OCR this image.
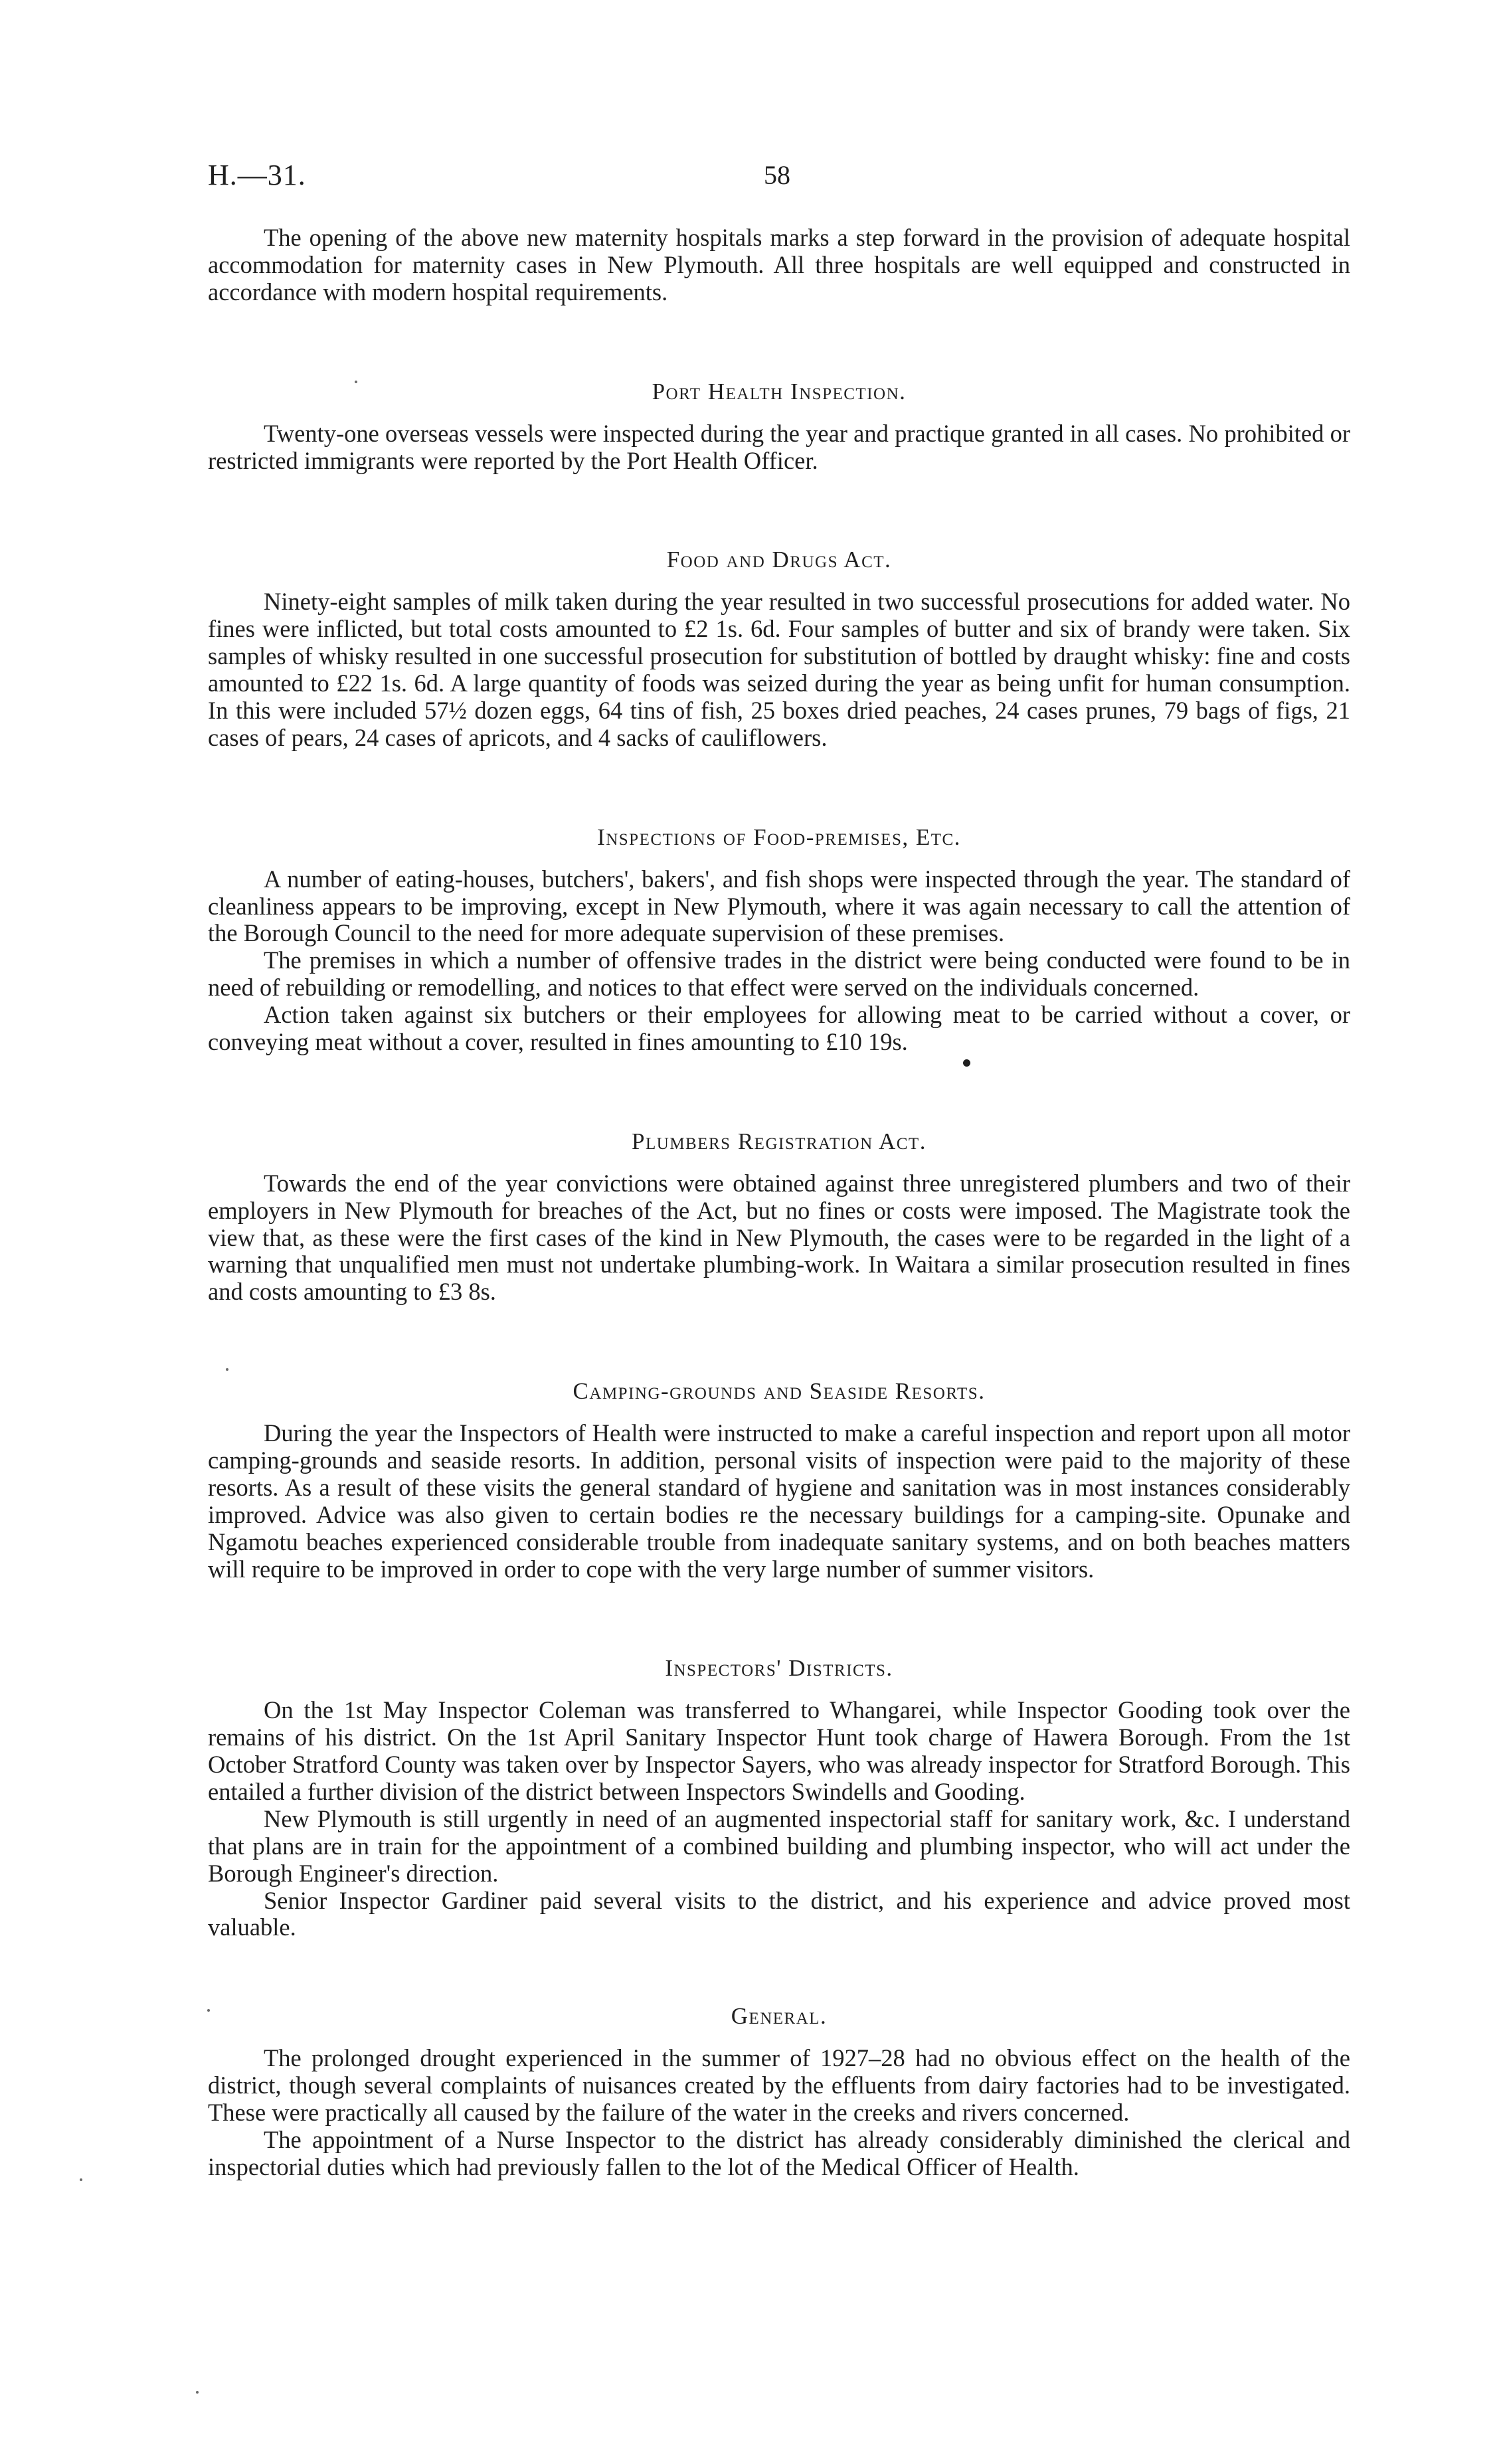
H.—31.	58

The opening of the above new maternity hospitals marks a step forward in the provision of adequate hospital accommodation for maternity cases in New Plymouth. All three hospitals are well equipped and constructed in accordance with modern hospital requirements.

Port Health Inspection.

Twenty-one overseas vessels were inspected during the year and practique granted in all cases. No prohibited or restricted immigrants were reported by the Port Health Officer.

Food and Drugs Act.

Ninety-eight samples of milk taken during the year resulted in two successful prosecutions for added water. No fines were inflicted, but total costs amounted to £2 1s. 6d. Four samples of butter and six of brandy were taken. Six samples of whisky resulted in one successful prosecution for substitution of bottled by draught whisky: fine and costs amounted to £22 1s. 6d. A large quantity of foods was seized during the year as being unfit for human consumption. In this were included 57½ dozen eggs, 64 tins of fish, 25 boxes dried peaches, 24 cases prunes, 79 bags of figs, 21 cases of pears, 24 cases of apricots, and 4 sacks of cauliflowers.

Inspections of Food-premises, Etc.

A number of eating-houses, butchers', bakers', and fish shops were inspected through the year. The standard of cleanliness appears to be improving, except in New Plymouth, where it was again necessary to call the attention of the Borough Council to the need for more adequate supervision of these premises.

The premises in which a number of offensive trades in the district were being conducted were found to be in need of rebuilding or remodelling, and notices to that effect were served on the individuals concerned.

Action taken against six butchers or their employees for allowing meat to be carried without a cover, or conveying meat without a cover, resulted in fines amounting to £10 19s.

Plumbers Registration Act.

Towards the end of the year convictions were obtained against three unregistered plumbers and two of their employers in New Plymouth for breaches of the Act, but no fines or costs were imposed. The Magistrate took the view that, as these were the first cases of the kind in New Plymouth, the cases were to be regarded in the light of a warning that unqualified men must not undertake plumbing-work. In Waitara a similar prosecution resulted in fines and costs amounting to £3 8s.

Camping-grounds and Seaside Resorts.

During the year the Inspectors of Health were instructed to make a careful inspection and report upon all motor camping-grounds and seaside resorts. In addition, personal visits of inspection were paid to the majority of these resorts. As a result of these visits the general standard of hygiene and sanitation was in most instances considerably improved. Advice was also given to certain bodies re the necessary buildings for a camping-site. Opunake and Ngamotu beaches experienced considerable trouble from inadequate sanitary systems, and on both beaches matters will require to be improved in order to cope with the very large number of summer visitors.

Inspectors' Districts.

On the 1st May Inspector Coleman was transferred to Whangarei, while Inspector Gooding took over the remains of his district. On the 1st April Sanitary Inspector Hunt took charge of Hawera Borough. From the 1st October Stratford County was taken over by Inspector Sayers, who was already inspector for Stratford Borough. This entailed a further division of the district between Inspectors Swindells and Gooding.

New Plymouth is still urgently in need of an augmented inspectorial staff for sanitary work, &c. I understand that plans are in train for the appointment of a combined building and plumbing inspector, who will act under the Borough Engineer's direction.

Senior Inspector Gardiner paid several visits to the district, and his experience and advice proved most valuable.

General.

The prolonged drought experienced in the summer of 1927–28 had no obvious effect on the health of the district, though several complaints of nuisances created by the effluents from dairy factories had to be investigated. These were practically all caused by the failure of the water in the creeks and rivers concerned.

The appointment of a Nurse Inspector to the district has already considerably diminished the clerical and inspectorial duties which had previously fallen to the lot of the Medical Officer of Health.
